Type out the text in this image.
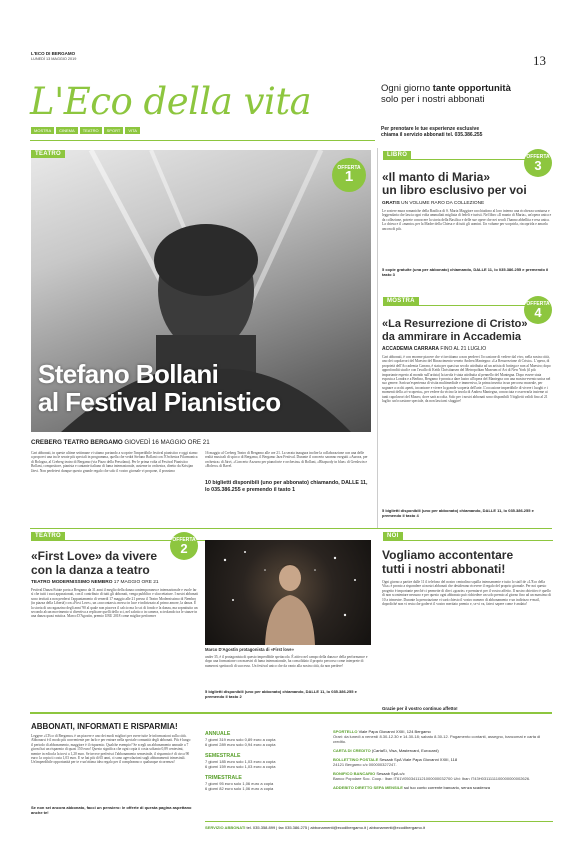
L'ECO DI BERGAMO
LUNEDÌ 13 MAGGIO 2019	13
L'Eco della vita
MOSTRA	CINEMA	TEATRO	SPORT	VITA
Ogni giorno tante opportunità
solo per i nostri abbonati
Per prenotare le tue esperienze esclusive
chiama il servizio abbonati tel. 035.386.255
TEATRO
OFFERTA
1
Stefano Bollani
al Festival Pianistico
CREBERG TEATRO BERGAMO GIOVEDÌ 16 MAGGIO ORE 21
Cari abbonati, in queste ultime settimane vi stiamo portando a scoprire l'imperdibile festival pianistico e oggi siamo a proporvi una tra le serate più speciali in programma, quella che vedrà Stefano Bollani con l'Orchestra Filarmonica di Bologna, al Creberg teatro di Bergamo (via Pizzo della Presolana). Per le prima volta al Festival Pianistico Bollani, compositore, pianista e cantante italiano di fama internazionale, assieme in orchestra, diretto da Kristjan Järvi. Non perdetevi dunque questo grande regalo che solo il vostro giornale vi propone, il prossimo
16 maggio al Creberg Teatro di Bergamo alle ore 21. La serata inaugura inoltre la collaborazione con una delle realtà musicali di spicco di Bergamo, il Bergamo Jazz Festival. Durante il concerto saranno eseguiti «Aurora, per orchestra» di Järvi, «Concerto Azzurro per pianoforte e orchestra» di Bollani, «Rhapsody in blue» di Gershwin e «Bolero» di Ravel.
10 biglietti disponibili (uno per abbonato) chiamando, DALLE 11, lo 035.386.255 e premendo il tasto 1
LIBRO	OFFERTA
3
«Il manto di Maria»
un libro esclusivo per voi
GRATIS UN VOLUME RARO DA COLLEZIONE
Le sostere mura romaniche della Basilica di S. Maria Maggiore racchiudono al loro interno una ricchezza sontuosa e leggendaria che lascia ogni volta ammaliati migliaia di fedeli e turisti. Nel libro «Il manto di Maria», un'opera unica e da collezione, potrete conoscere la storia della Basilica e delle sue opere che nei secoli l'hanno abbellita e resa unica. La chiesa e il «manto» per la Madre della Chiesa e di tutti gli uomini. Un volume per scoprirla, riscoprirla e amarla ancora di più.
5 copie gratuite (una per abbonato) chiamando, DALLE 11, lo 035.386.255 e premendo il tasto 3
MOSTRA	OFFERTA
4
«La Resurrezione di Cristo»
da ammirare in Accademia
ACCADEMIA CARRARA FINO AL 21 LUGLIO
Cari abbonati, è con enorme piacere che vi invitiamo a non perdervi l'occasione di vedere dal vivo, nella nostra città, uno dei capolavori del Maestro del Rinascimento veneto Andrea Mantegna: «La Resurrezione di Cristo». L'opera, di proprietà dell'Accademia Carrara, è stata per quasi un secolo attribuita ad un artista di bottega e non al Maestro; dopo approfonditi studi e con l'avallo di Keith Christiansen del Metropolitan Museum of Art di New York (il più importante esperto al mondo sull'artista) la tavola è stata attribuita al pennello del Mantegna. Dopo essere stata esposta a Londra e a Berlino, Bergamo è pronta a dare lustro all'opera del Mantegna con una mostra-evento unica nel suo genere. Sarà un'esperienza di visita multimediale e immersiva, la prima inserita in un percorso museale, per sognare a occhi aperti, incontrare e vivere la grande scoperta dell'arte. L'occasione imperdibile di vivere i luoghi e i momenti della «ri-scoperta», per vedere da vicino la tavola di Andrea Mantegna, conosciuta e osservarla insieme ai tanti capolavori del Museo, dove sarà accolta. Solo per i nostri abbonati sono disponibili 5 biglietti validi fino al 21 luglio: un'occasione speciale, da non lasciarsi sfuggire!
5 biglietti disponibili (uno per abbonato) chiamando, DALLE 11, lo 035.386.255 e premendo il tasto 4
TEATRO
OFFERTA
2
«First Love» da vivere
con la danza a teatro
TEATRO MODERNISSIMO NEMBRO 17 MAGGIO ORE 21
Festival Danza Estate porta a Bergamo da 31 anni il meglio della danza contemporanea e internazionale e vuole far sì che tutti i suoi appassionati, con il contributo di tutti gli abbonati, venga pubblico e sfaccettature. I nostri abbonati sono invitati a non perdersi l'appuntamento di venerdì 17 maggio alle 21 presso il Teatro Modernissimo di Nembro (in piazza della Libertà) con «First Love», un «raccontarsi» messo in luce e indirizzato al primo amore, la danza. È la storia di un ragazzino degli anni '90 al quale non piaceva il calcio ma lo sci di fondo e la danza, ma soprattutto un secondo alcun movimento si divertiva a replicare quelli dello sci, nel salotto o in camera, scivolando tra le stanze in una danza quasi mistica. Marco D'Agostin, premio UBU 2018 come miglior performer
Marco D'Agostin protagonista di «First love»
under 35, è il protagonista di questo imperdibile spettacolo. È attivo nel campo della danza e della performance e dopo una formazione con maestri di fama internazionale, ha consolidato il proprio percorso come interprete di numerosi spettacoli di successo. Un festival unico che da vanto alla nostra città, da non perdere!
5 biglietti disponibili (uno per abbonato) chiamando, DALLE 11, lo 035.386.255 e premendo il tasto 2
NOI
Vogliamo accontentare
tutti i nostri abbonati!
Ogni giorno a partire dalle 11 il telefono del nostro centralino squilla intensamente e tutto lo staff de «L'Eco della Vita» è pronto a rispondere ai nostri abbonati che desiderano ricevere il regalo del proprio giornale. Per noi questo progetto è importante perché ci permette di dirvi «grazie» e premiarvi per il vostro affetto. Il nostro obiettivo è quello di non scontentare nessuno e per questo ogni abbonato può richiedere un solo premio al giorno fino ad un massimo di 10 a trimestre. Durante la prenotazione vi sarà chiesto il vostro numero di abbonamento e un indirizzo e-mail, dopodiché non vi resta che godervi il vostro meritato premio e, se vi va, fateci sapere come è andata!
Grazie per il vostro continuo affetto!
ABBONATI, INFORMATI E RISPARMIA!
Leggere «L'Eco di Bergamo» è un piacere e uno dei modi migliori per avere tutte le informazioni sulla città. Abbonarsi è il modo più conveniente per farlo e per entrare nella speciale comunità degli abbonati. Più è lungo il periodo di abbonamento, maggiore è il risparmio. Qualche esempio? Se scegli un abbonamento annuale a 7 giorni hai un risparmio di quasi 150 euro! Questo significa che ogni copia ti costa soltanto 0,89 centesimi, mentre in edicola la trovi a 1,20 euro. Se invece preferisci l'abbonamento semestrale, il risparmio è di circa 90 euro: la copia ti costa 1,03 euro. E se hai più di 65 anni, ci sono agevolazioni sugli abbonamenti trimestrali. Un'imperdibile opportunità per te e un'ottima idea regalo per il compleanno o qualunque ricorrenza!
Se non sei ancora abbonato, facci un pensiero: le offerte di questa pagina aspettano anche te!
ANNUALE
7 giorni 319 euro solo 0,89 euro a copia
6 giorni 289 euro solo 0,94 euro a copia
SEMESTRALE
7 giorni 185 euro solo 1,03 euro a copia
6 giorni 159 euro solo 1,03 euro a copia
TRIMESTRALE
7 giorni 95 euro solo 1,06 euro a copia
6 giorni 82 euro solo 1,06 euro a copia
SPORTELLO Viale Papa Giovanni XXIII, 124 Bergamo
Orari: da lunedì a venerdì 8.30-12.30 e 14.30-18; sabato 8.30-12. Pagamento contanti, assegno, bancomat e carta di credito.
CARTA DI CREDITO (CartaSì, Visa, Mastercard, Eurocard)
BOLLETTINO POSTALE Sesaab SpA Viale Papa Giovanni XXIII, 118
24121 Bergamo c/c 000000327247.
BONIFICO BANCARIO Sesaab SpA c/c
Banco Popolare Soc. Coop.: Iban IT61V0503411121000000032700 Ubi: Iban IT43H0311111100000000002626.
ADDEBITO DIRETTO SEPA MENSILE sul tuo conto corrente bancario, senza scadenza
SERVIZIO ABBONATI tel. 035.358.899 | fax 035.386.275 | abbonamenti@ecodibergamo.it | abbonamenti@ecodibergamo.it
